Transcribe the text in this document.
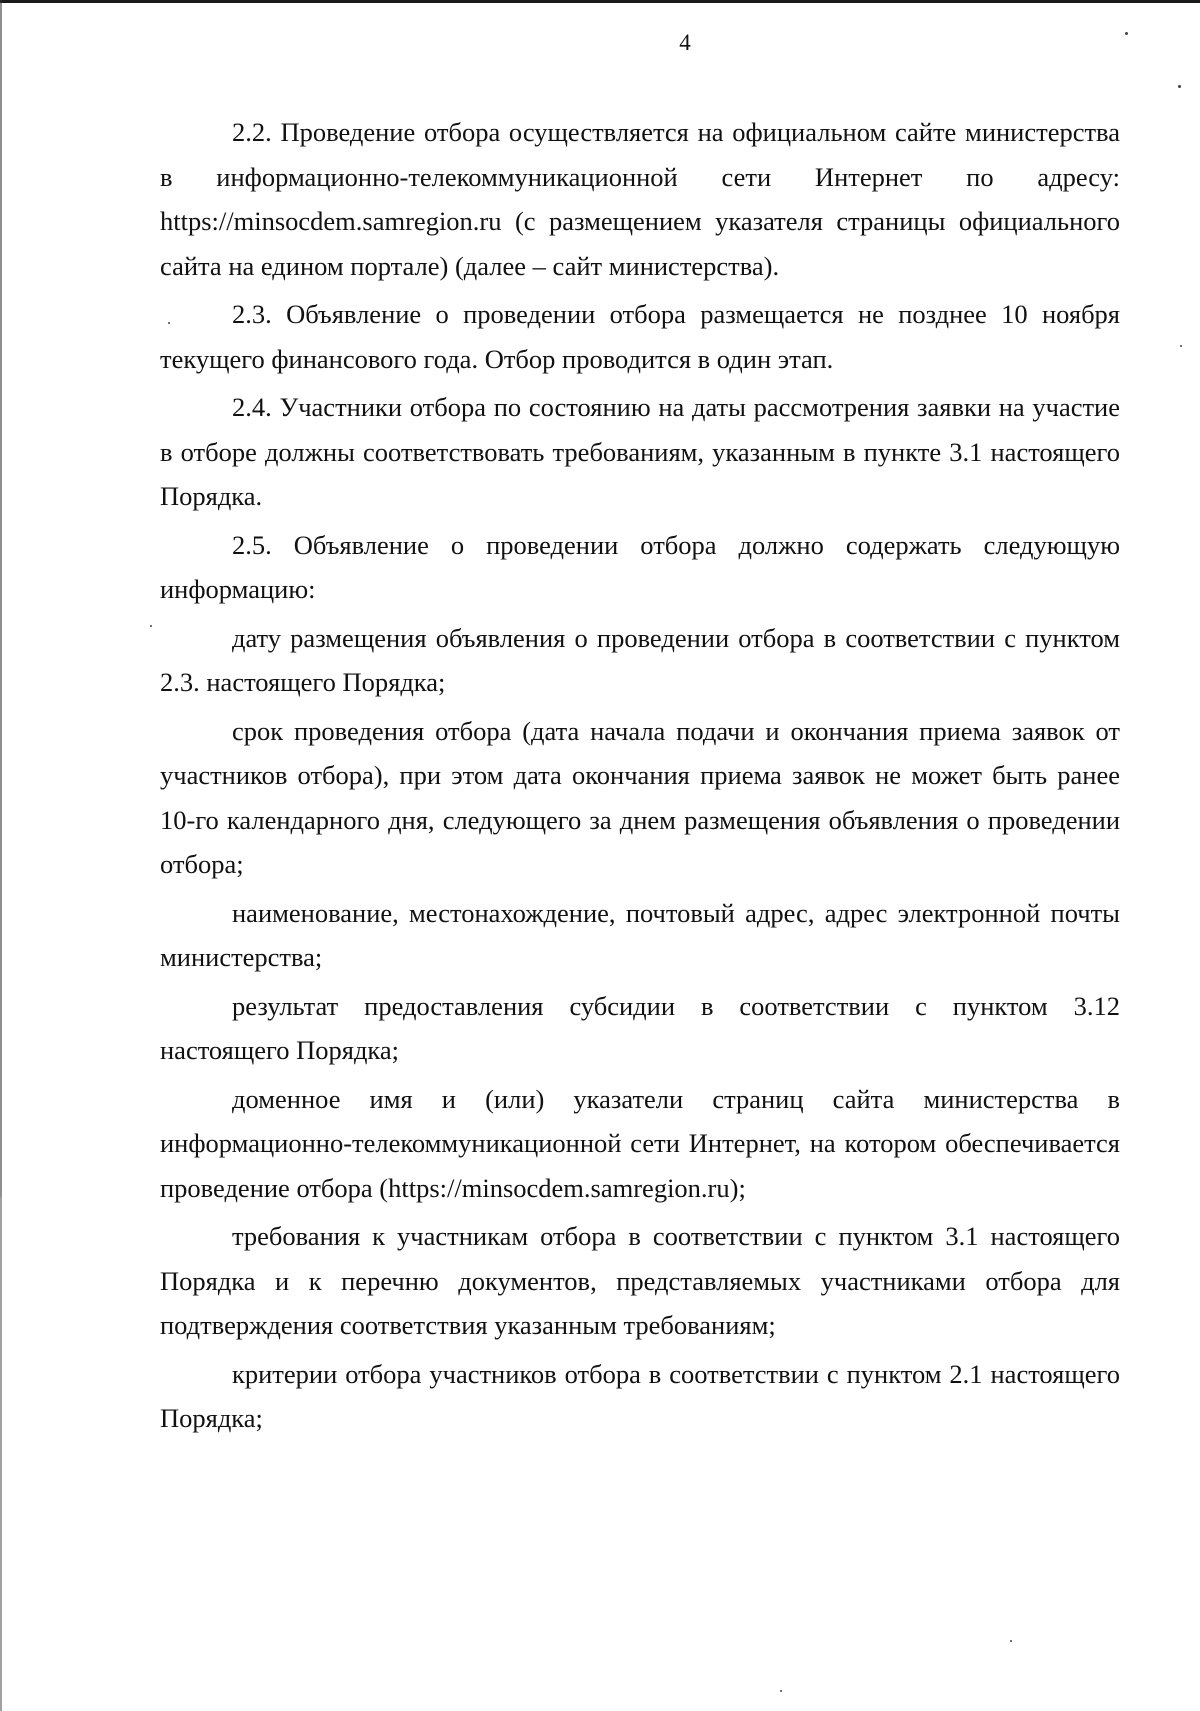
4

2.2. Проведение отбора осуществляется на официальном сайте министерства в информационно-телекоммуникационной сети Интернет по адресу: https://minsocdem.samregion.ru (с размещением указателя страницы официального сайта на едином портале) (далее – сайт министерства).

2.3. Объявление о проведении отбора размещается не позднее 10 ноября текущего финансового года. Отбор проводится в один этап.

2.4. Участники отбора по состоянию на даты рассмотрения заявки на участие в отборе должны соответствовать требованиям, указанным в пункте 3.1 настоящего Порядка.

2.5. Объявление о проведении отбора должно содержать следующую информацию:

дату размещения объявления о проведении отбора в соответствии с пунктом 2.3. настоящего Порядка;

срок проведения отбора (дата начала подачи и окончания приема заявок от участников отбора), при этом дата окончания приема заявок не может быть ранее 10-го календарного дня, следующего за днем размещения объявления о проведении отбора;

наименование, местонахождение, почтовый адрес, адрес электронной почты министерства;

результат предоставления субсидии в соответствии с пунктом 3.12 настоящего Порядка;

доменное имя и (или) указатели страниц сайта министерства в информационно-телекоммуникационной сети Интернет, на котором обеспечивается проведение отбора (https://minsocdem.samregion.ru);

требования к участникам отбора в соответствии с пунктом 3.1 настоящего Порядка и к перечню документов, представляемых участниками отбора для подтверждения соответствия указанным требованиям;

критерии отбора участников отбора в соответствии с пунктом 2.1 настоящего Порядка;
